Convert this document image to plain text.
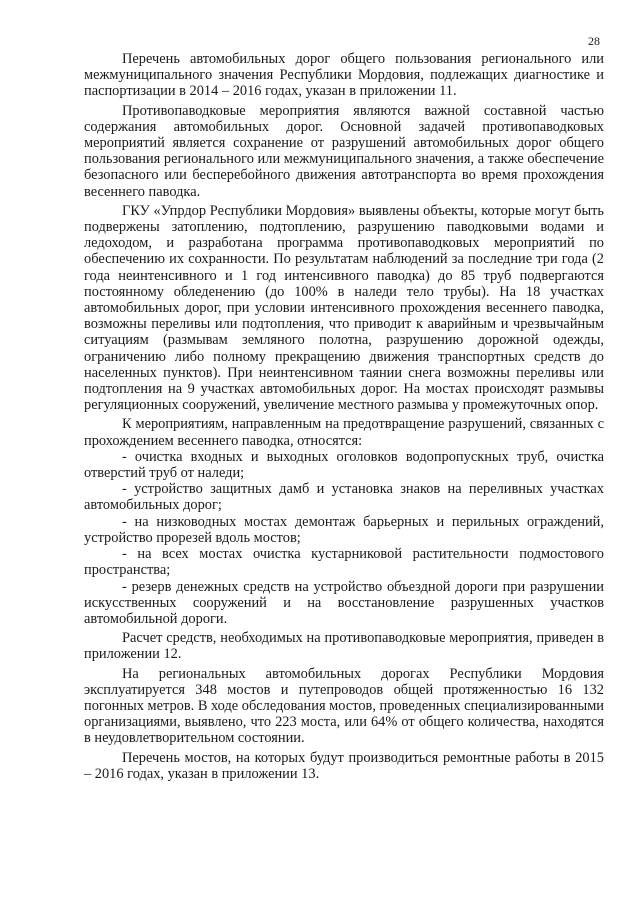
28

Перечень автомобильных дорог общего пользования регионального или межмуниципального значения Республики Мордовия, подлежащих диагностике и паспортизации в 2014 – 2016 годах, указан в приложении 11.

Противопаводковые мероприятия являются важной составной частью содержания автомобильных дорог. Основной задачей противопаводковых мероприятий является сохранение от разрушений автомобильных дорог общего пользования регионального или межмуниципального значения, а также обеспечение безопасного или бесперебойного движения автотранспорта во время прохождения весеннего паводка.

ГКУ «Упрдор Республики Мордовия» выявлены объекты, которые могут быть подвержены затоплению, подтоплению, разрушению паводковыми водами и ледоходом, и разработана программа противопаводковых мероприятий по обеспечению их сохранности. По результатам наблюдений за последние три года (2 года неинтенсивного и 1 год интенсивного паводка) до 85 труб подвергаются постоянному обледенению (до 100% в наледи тело трубы). На 18 участках автомобильных дорог, при условии интенсивного прохождения весеннего паводка, возможны переливы или подтопления, что приводит к аварийным и чрезвычайным ситуациям (размывам земляного полотна, разрушению дорожной одежды, ограничению либо полному прекращению движения транспортных средств до населенных пунктов). При неинтенсивном таянии снега возможны переливы или подтопления на 9 участках автомобильных дорог. На мостах происходят размывы регуляционных сооружений, увеличение местного размыва у промежуточных опор.

К мероприятиям, направленным на предотвращение разрушений, связанных с прохождением весеннего паводка, относятся:

- очистка входных и выходных оголовков водопропускных труб, очистка отверстий труб от наледи;

- устройство защитных дамб и установка знаков на переливных участках автомобильных дорог;

- на низководных мостах демонтаж барьерных и перильных ограждений, устройство прорезей вдоль мостов;

- на всех мостах очистка кустарниковой растительности подмостового пространства;

- резерв денежных средств на устройство объездной дороги при разрушении искусственных сооружений и на восстановление разрушенных участков автомобильной дороги.

Расчет средств, необходимых на противопаводковые мероприятия, приведен в приложении 12.

На региональных автомобильных дорогах Республики Мордовия эксплуатируется 348 мостов и путепроводов общей протяженностью 16 132 погонных метров. В ходе обследования мостов, проведенных специализированными организациями, выявлено, что 223 моста, или 64% от общего количества, находятся в неудовлетворительном состоянии.

Перечень мостов, на которых будут производиться ремонтные работы в 2015 – 2016 годах, указан в приложении 13.
